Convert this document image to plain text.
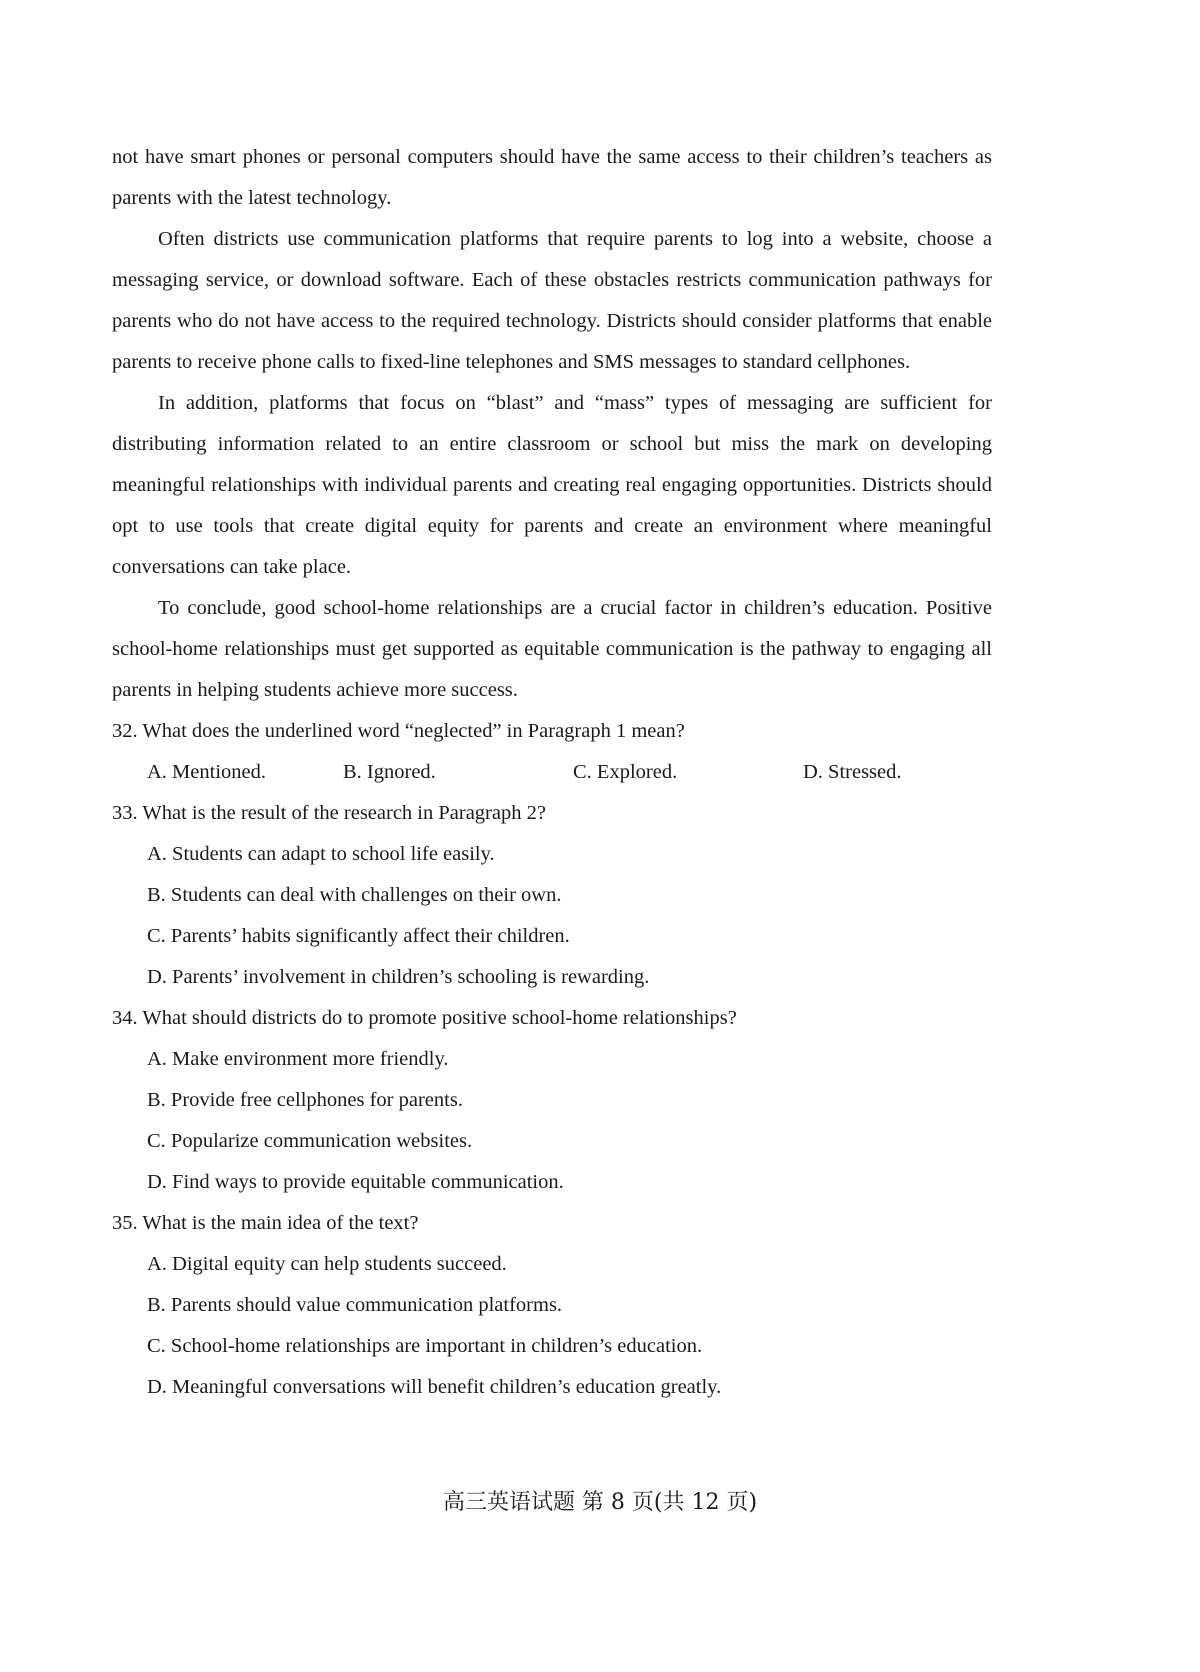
not have smart phones or personal computers should have the same access to their children’s teachers as parents with the latest technology.

Often districts use communication platforms that require parents to log into a website, choose a messaging service, or download software. Each of these obstacles restricts communication pathways for parents who do not have access to the required technology. Districts should consider platforms that enable parents to receive phone calls to fixed-line telephones and SMS messages to standard cellphones.

In addition, platforms that focus on “blast” and “mass” types of messaging are sufficient for distributing information related to an entire classroom or school but miss the mark on developing meaningful relationships with individual parents and creating real engaging opportunities. Districts should opt to use tools that create digital equity for parents and create an environment where meaningful conversations can take place.

To conclude, good school-home relationships are a crucial factor in children’s education. Positive school-home relationships must get supported as equitable communication is the pathway to engaging all parents in helping students achieve more success.

32. What does the underlined word “neglected” in Paragraph 1 mean?

A. Mentioned.	B. Ignored.	C. Explored.	D. Stressed.

33. What is the result of the research in Paragraph 2?

A. Students can adapt to school life easily.

B. Students can deal with challenges on their own.

C. Parents’ habits significantly affect their children.

D. Parents’ involvement in children’s schooling is rewarding.

34. What should districts do to promote positive school-home relationships?

A. Make environment more friendly.

B. Provide free cellphones for parents.

C. Popularize communication websites.

D. Find ways to provide equitable communication.

35. What is the main idea of the text?

A. Digital equity can help students succeed.

B. Parents should value communication platforms.

C. School-home relationships are important in children’s education.

D. Meaningful conversations will benefit children’s education greatly.

高三英语试题 第 8 页(共 12 页)
